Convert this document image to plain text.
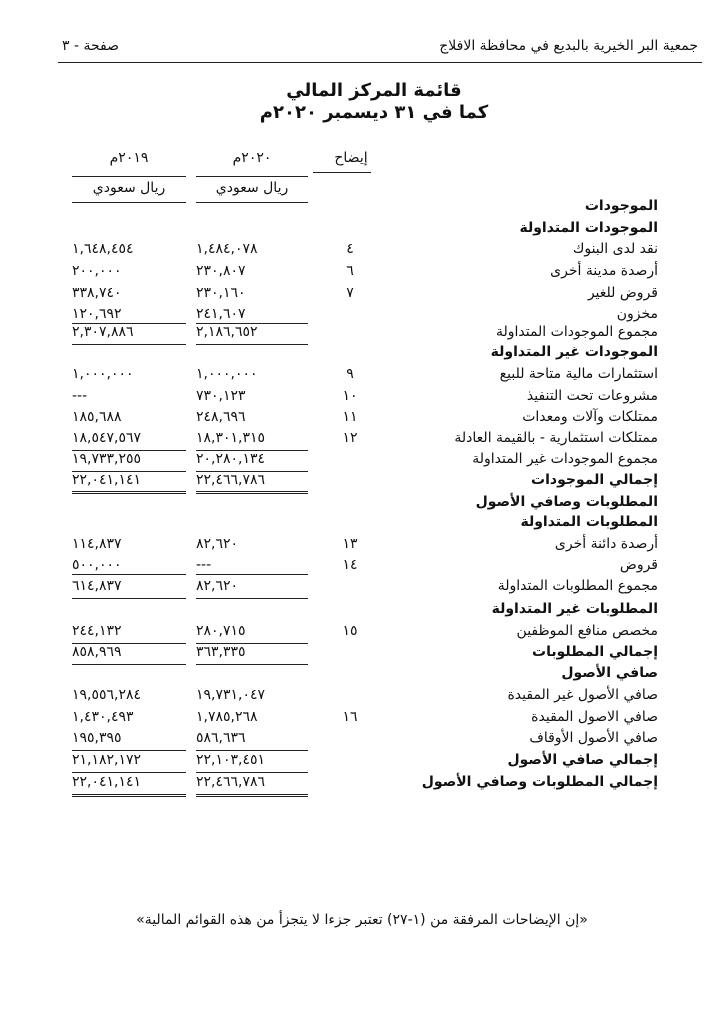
جمعية البر الخيرية بالبديع في محافظة الافلاج
صفحة - ٣
قائمة المركز المالي
كما في ٣١ ديسمبر ٢٠٢٠م
إيضاح
٢٠٢٠م
٢٠١٩م
ريال سعودي
ريال سعودي
الموجودات
الموجودات المتداولة
نقد لدى البنوك
٤
١,٤٨٤,٠٧٨
١,٦٤٨,٤٥٤
أرصدة مدينة أخرى
٦
٢٣٠,٨٠٧
٢٠٠,٠٠٠
قروض للغير
٧
٢٣٠,١٦٠
٣٣٨,٧٤٠
مخزون
٢٤١,٦٠٧
١٢٠,٦٩٢
مجموع الموجودات المتداولة
٢,١٨٦,٦٥٢
٢,٣٠٧,٨٨٦
الموجودات غير المتداولة
استثمارات مالية متاحة للبيع
٩
١,٠٠٠,٠٠٠
١,٠٠٠,٠٠٠
مشروعات تحت التنفيذ
١٠
٧٣٠,١٢٣
---
ممتلكات وآلات ومعدات
١١
٢٤٨,٦٩٦
١٨٥,٦٨٨
ممتلكات استثمارية - بالقيمة العادلة
١٢
١٨,٣٠١,٣١٥
١٨,٥٤٧,٥٦٧
مجموع الموجودات غير المتداولة
٢٠,٢٨٠,١٣٤
١٩,٧٣٣,٢٥٥
إجمالي الموجودات
٢٢,٤٦٦,٧٨٦
٢٢,٠٤١,١٤١
المطلوبات وصافي الأصول
المطلوبات المتداولة
أرصدة دائنة أخرى
١٣
٨٢,٦٢٠
١١٤,٨٣٧
قروض
١٤
---
٥٠٠,٠٠٠
مجموع المطلوبات المتداولة
٨٢,٦٢٠
٦١٤,٨٣٧
المطلوبات غير المتداولة
مخصص منافع الموظفين
١٥
٢٨٠,٧١٥
٢٤٤,١٣٢
إجمالي المطلوبات
٣٦٣,٣٣٥
٨٥٨,٩٦٩
صافي الأصول
صافي الأصول غير المقيدة
١٩,٧٣١,٠٤٧
١٩,٥٥٦,٢٨٤
صافي الاصول المقيدة
١٦
١,٧٨٥,٢٦٨
١,٤٣٠,٤٩٣
صافي الأصول الأوقاف
٥٨٦,٦٣٦
١٩٥,٣٩٥
إجمالي صافي الأصول
٢٢,١٠٣,٤٥١
٢١,١٨٢,١٧٢
إجمالي المطلوبات وصافي الأصول
٢٢,٤٦٦,٧٨٦
٢٢,٠٤١,١٤١
«إن الإيضاحات المرفقة من (١-٢٧) تعتبر جزءا لا يتجزأ من هذه القوائم المالية»
